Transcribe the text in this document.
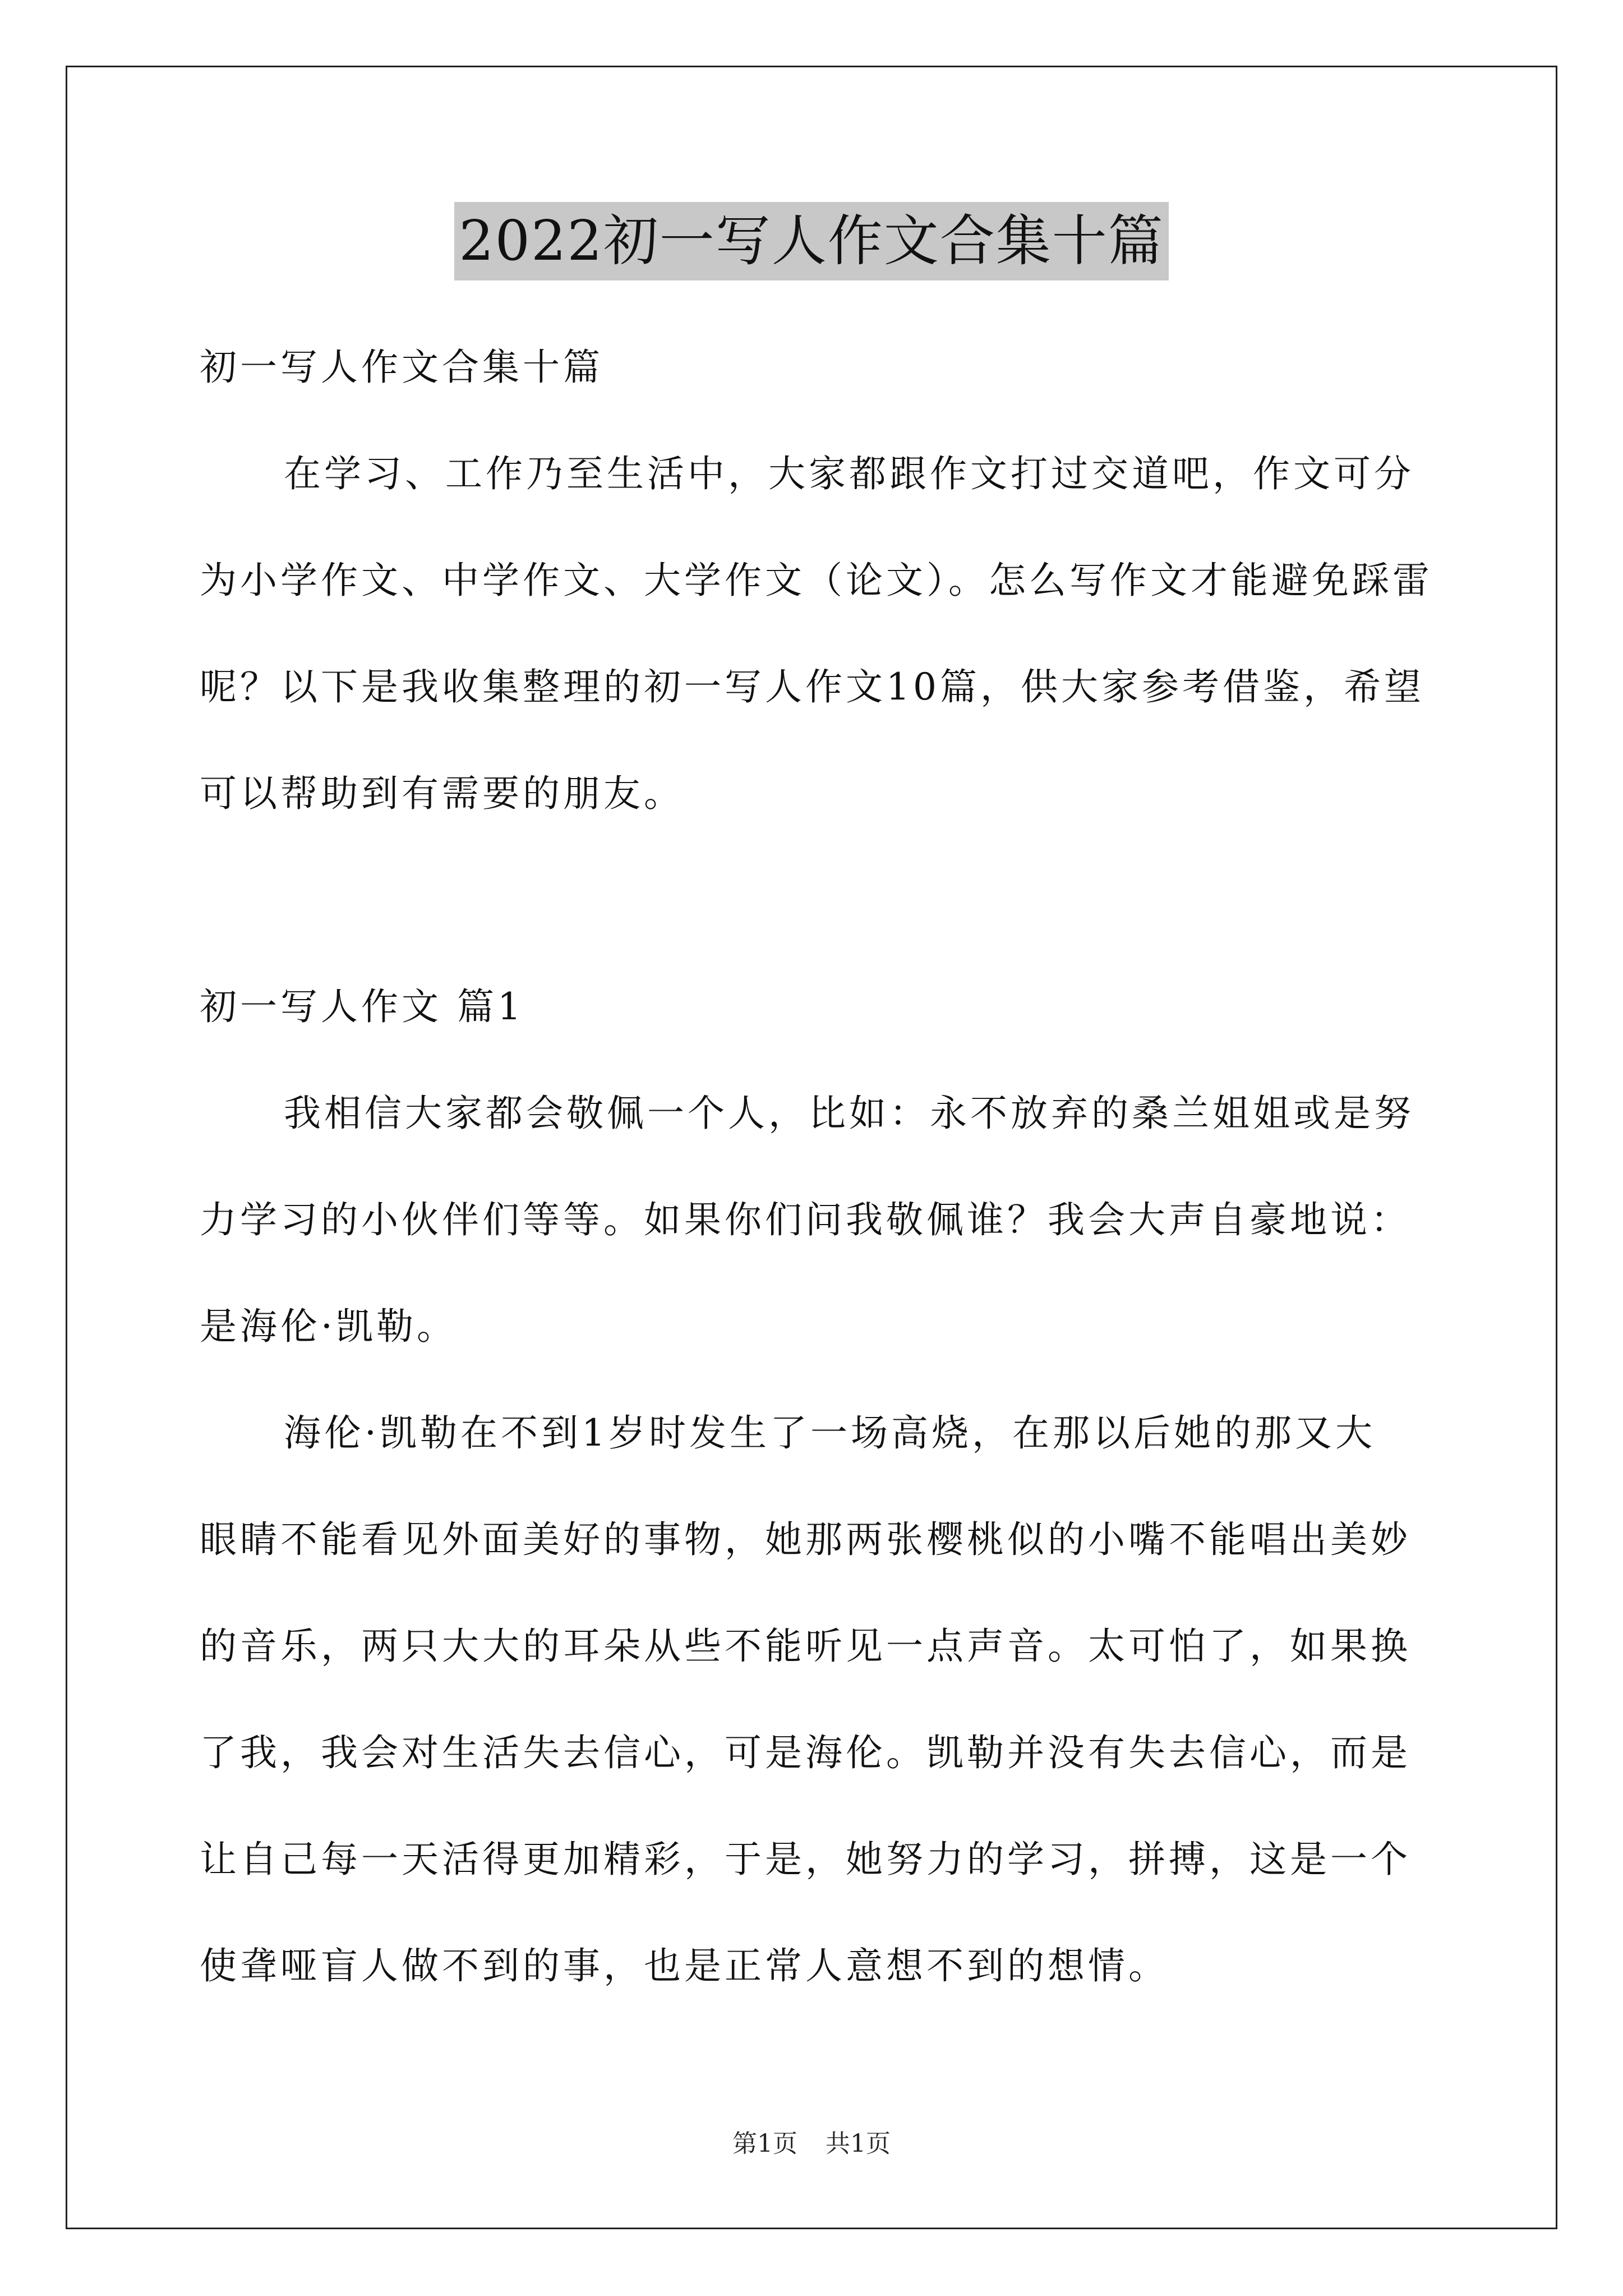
2022初一写人作文合集十篇
初一写人作文合集十篇
在学习、工作乃至生活中，大家都跟作文打过交道吧，作文可分
为小学作文、中学作文、大学作文（论文）。怎么写作文才能避免踩雷
呢？以下是我收集整理的初一写人作文10篇，供大家参考借鉴，希望
可以帮助到有需要的朋友。
初一写人作文 篇1
我相信大家都会敬佩一个人，比如：永不放弃的桑兰姐姐或是努
力学习的小伙伴们等等。如果你们问我敬佩谁？我会大声自豪地说：
是海伦·凯勒。
海伦·凯勒在不到1岁时发生了一场高烧，在那以后她的那又大
眼睛不能看见外面美好的事物，她那两张樱桃似的小嘴不能唱出美妙
的音乐，两只大大的耳朵从些不能听见一点声音。太可怕了，如果换
了我，我会对生活失去信心，可是海伦。凯勒并没有失去信心，而是
让自己每一天活得更加精彩，于是，她努力的学习，拼搏，这是一个
使聋哑盲人做不到的事，也是正常人意想不到的想情。
第1页 共1页
